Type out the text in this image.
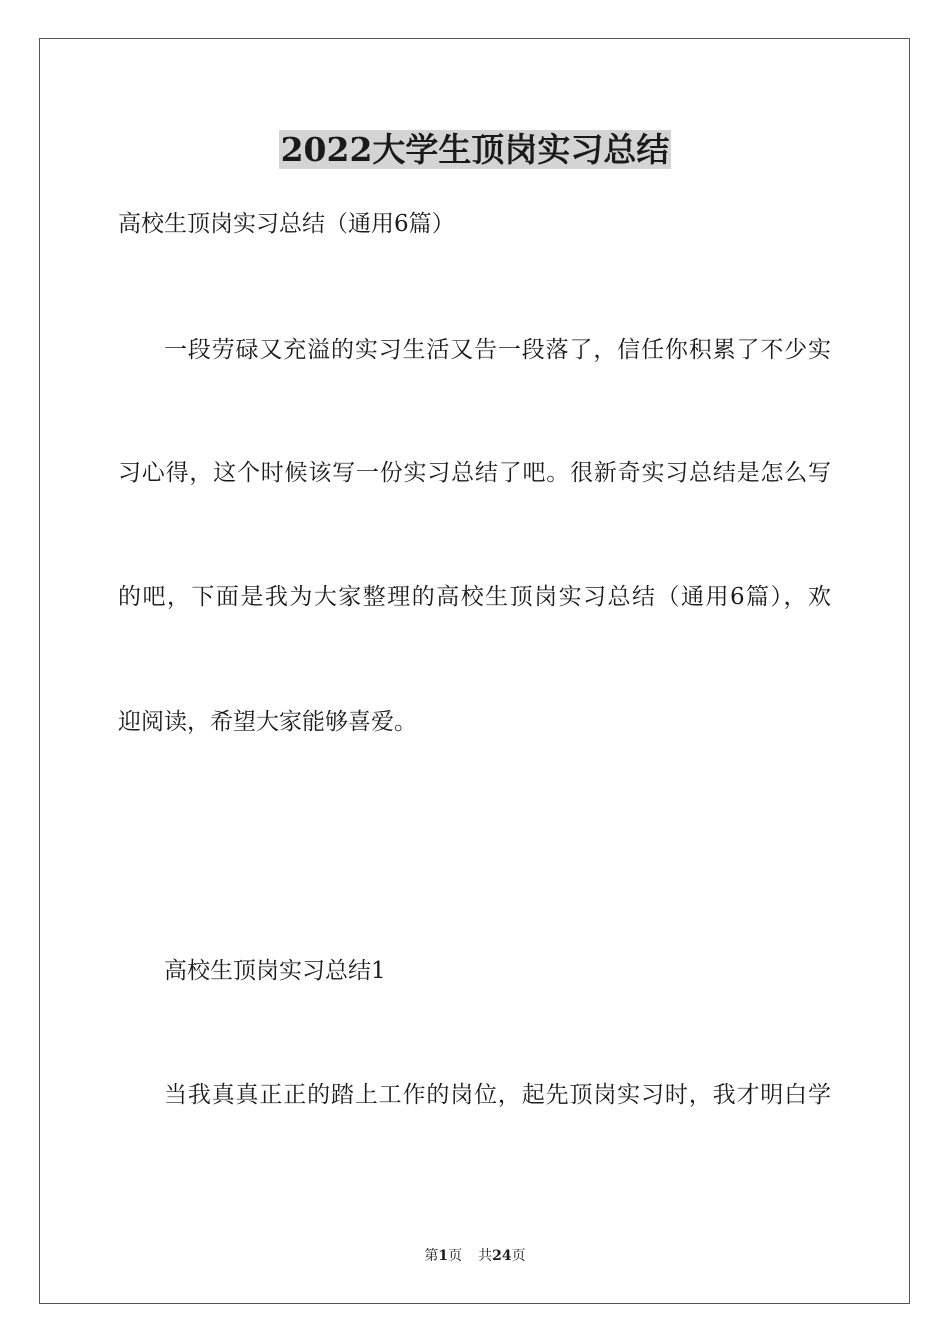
2022大学生顶岗实习总结
高校生顶岗实习总结（通用6篇）
一段劳碌又充溢的实习生活又告一段落了，信任你积累了不少实
习心得，这个时候该写一份实习总结了吧。很新奇实习总结是怎么写
的吧，下面是我为大家整理的高校生顶岗实习总结（通用6篇），欢
迎阅读，希望大家能够喜爱。
高校生顶岗实习总结1
当我真真正正的踏上工作的岗位，起先顶岗实习时，我才明白学
第1页 共24页
